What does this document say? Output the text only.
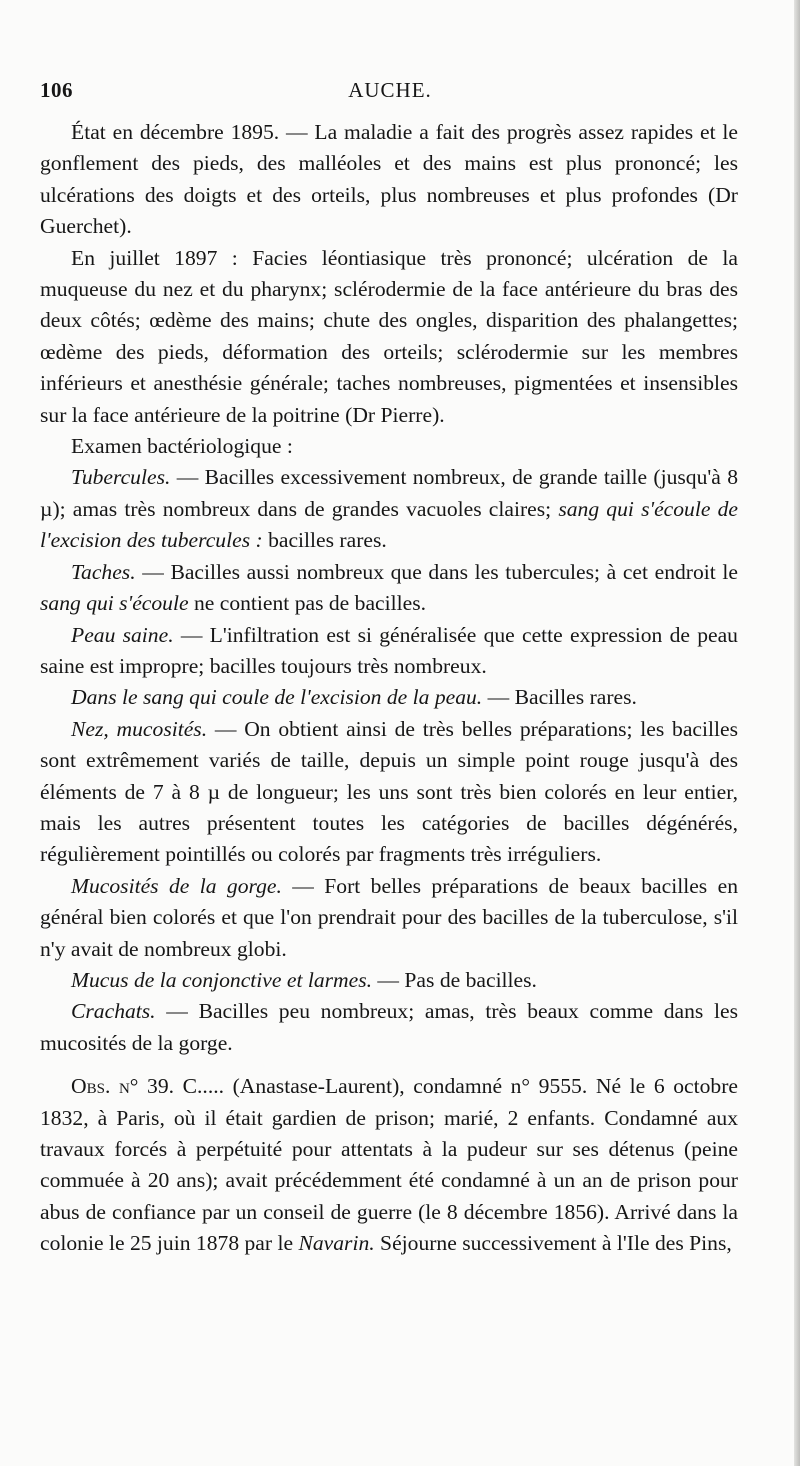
106	AUCHE.

État en décembre 1895. — La maladie a fait des progrès assez rapides et le gonflement des pieds, des malléoles et des mains est plus prononcé; les ulcérations des doigts et des orteils, plus nombreuses et plus profondes (Dr Guerchet).

En juillet 1897 : Facies léontiasique très prononcé; ulcération de la muqueuse du nez et du pharynx; sclérodermie de la face antérieure du bras des deux côtés; œdème des mains; chute des ongles, disparition des phalangettes; œdème des pieds, déformation des orteils; sclérodermie sur les membres inférieurs et anesthésie générale; taches nombreuses, pigmentées et insensibles sur la face antérieure de la poitrine (Dr Pierre).

Examen bactériologique :

Tubercules. — Bacilles excessivement nombreux, de grande taille (jusqu'à 8 µ); amas très nombreux dans de grandes vacuoles claires; sang qui s'écoule de l'excision des tubercules : bacilles rares.

Taches. — Bacilles aussi nombreux que dans les tubercules; à cet endroit le sang qui s'écoule ne contient pas de bacilles.

Peau saine. — L'infiltration est si généralisée que cette expression de peau saine est impropre; bacilles toujours très nombreux.

Dans le sang qui coule de l'excision de la peau. — Bacilles rares.

Nez, mucosités. — On obtient ainsi de très belles préparations; les bacilles sont extrêmement variés de taille, depuis un simple point rouge jusqu'à des éléments de 7 à 8 µ de longueur; les uns sont très bien colorés en leur entier, mais les autres présentent toutes les catégories de bacilles dégénérés, régulièrement pointillés ou colorés par fragments très irréguliers.

Mucosités de la gorge. — Fort belles préparations de beaux bacilles en général bien colorés et que l'on prendrait pour des bacilles de la tuberculose, s'il n'y avait de nombreux globi.

Mucus de la conjonctive et larmes. — Pas de bacilles.

Crachats. — Bacilles peu nombreux; amas, très beaux comme dans les mucosités de la gorge.

Obs. n° 39. C..... (Anastase-Laurent), condamné n° 9555. Né le 6 octobre 1832, à Paris, où il était gardien de prison; marié, 2 enfants. Condamné aux travaux forcés à perpétuité pour attentats à la pudeur sur ses détenus (peine commuée à 20 ans); avait précédemment été condamné à un an de prison pour abus de confiance par un conseil de guerre (le 8 décembre 1856). Arrivé dans la colonie le 25 juin 1878 par le Navarin. Séjourne successivement à l'Ile des Pins,
